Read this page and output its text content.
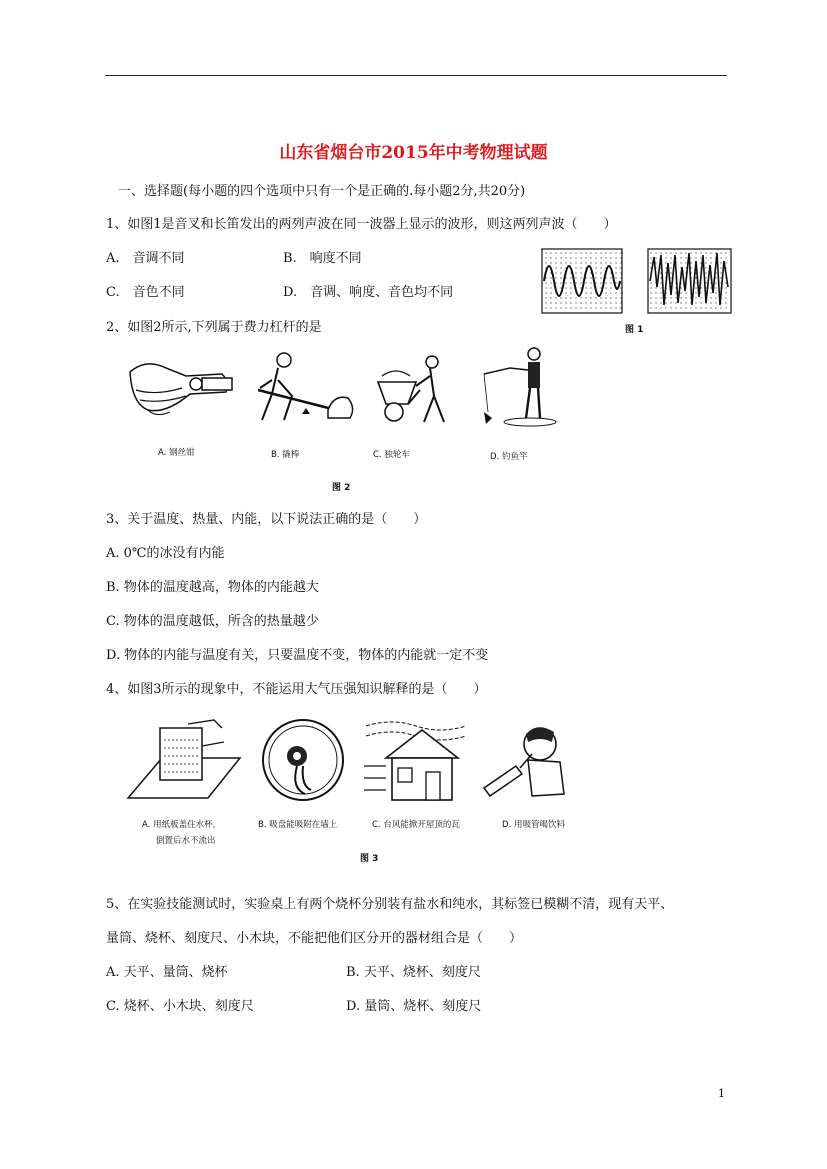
山东省烟台市2015年中考物理试题
一、选择题(每小题的四个选项中只有一个是正确的.每小题2分,共20分)
1、如图1是音叉和长笛发出的两列声波在同一波器上显示的波形，则这两列声波（　　）
A.　音调不同	B.　响度不同
C.　音色不同	D.　音调、响度、音色均不同
图 1
2、如图2所示,下列属于费力杠杆的是
A. 钢丝钳	B. 撬棒	C. 独轮车	D. 钓鱼竿
图 2
3、关于温度、热量、内能，以下说法正确的是（　　）
A. 0℃的冰没有内能
B. 物体的温度越高，物体的内能越大
C. 物体的温度越低，所含的热量越少
D. 物体的内能与温度有关，只要温度不变，物体的内能就一定不变
4、如图3所示的现象中，不能运用大气压强知识解释的是（　　）
A. 用纸板盖住水杯，
倒置后水不流出
B. 吸盘能吸附在墙上	C. 台风能掀开屋顶的瓦	D. 用吸管喝饮料
图 3
5、在实验技能测试时，实验桌上有两个烧杯分别装有盐水和纯水，其标签已模糊不清，现有天平、
量筒、烧杯、刻度尺、小木块，不能把他们区分开的器材组合是（　　）
A. 天平、量筒、烧杯	B. 天平、烧杯、刻度尺
C. 烧杯、小木块、刻度尺	D. 量筒、烧杯、刻度尺
1
